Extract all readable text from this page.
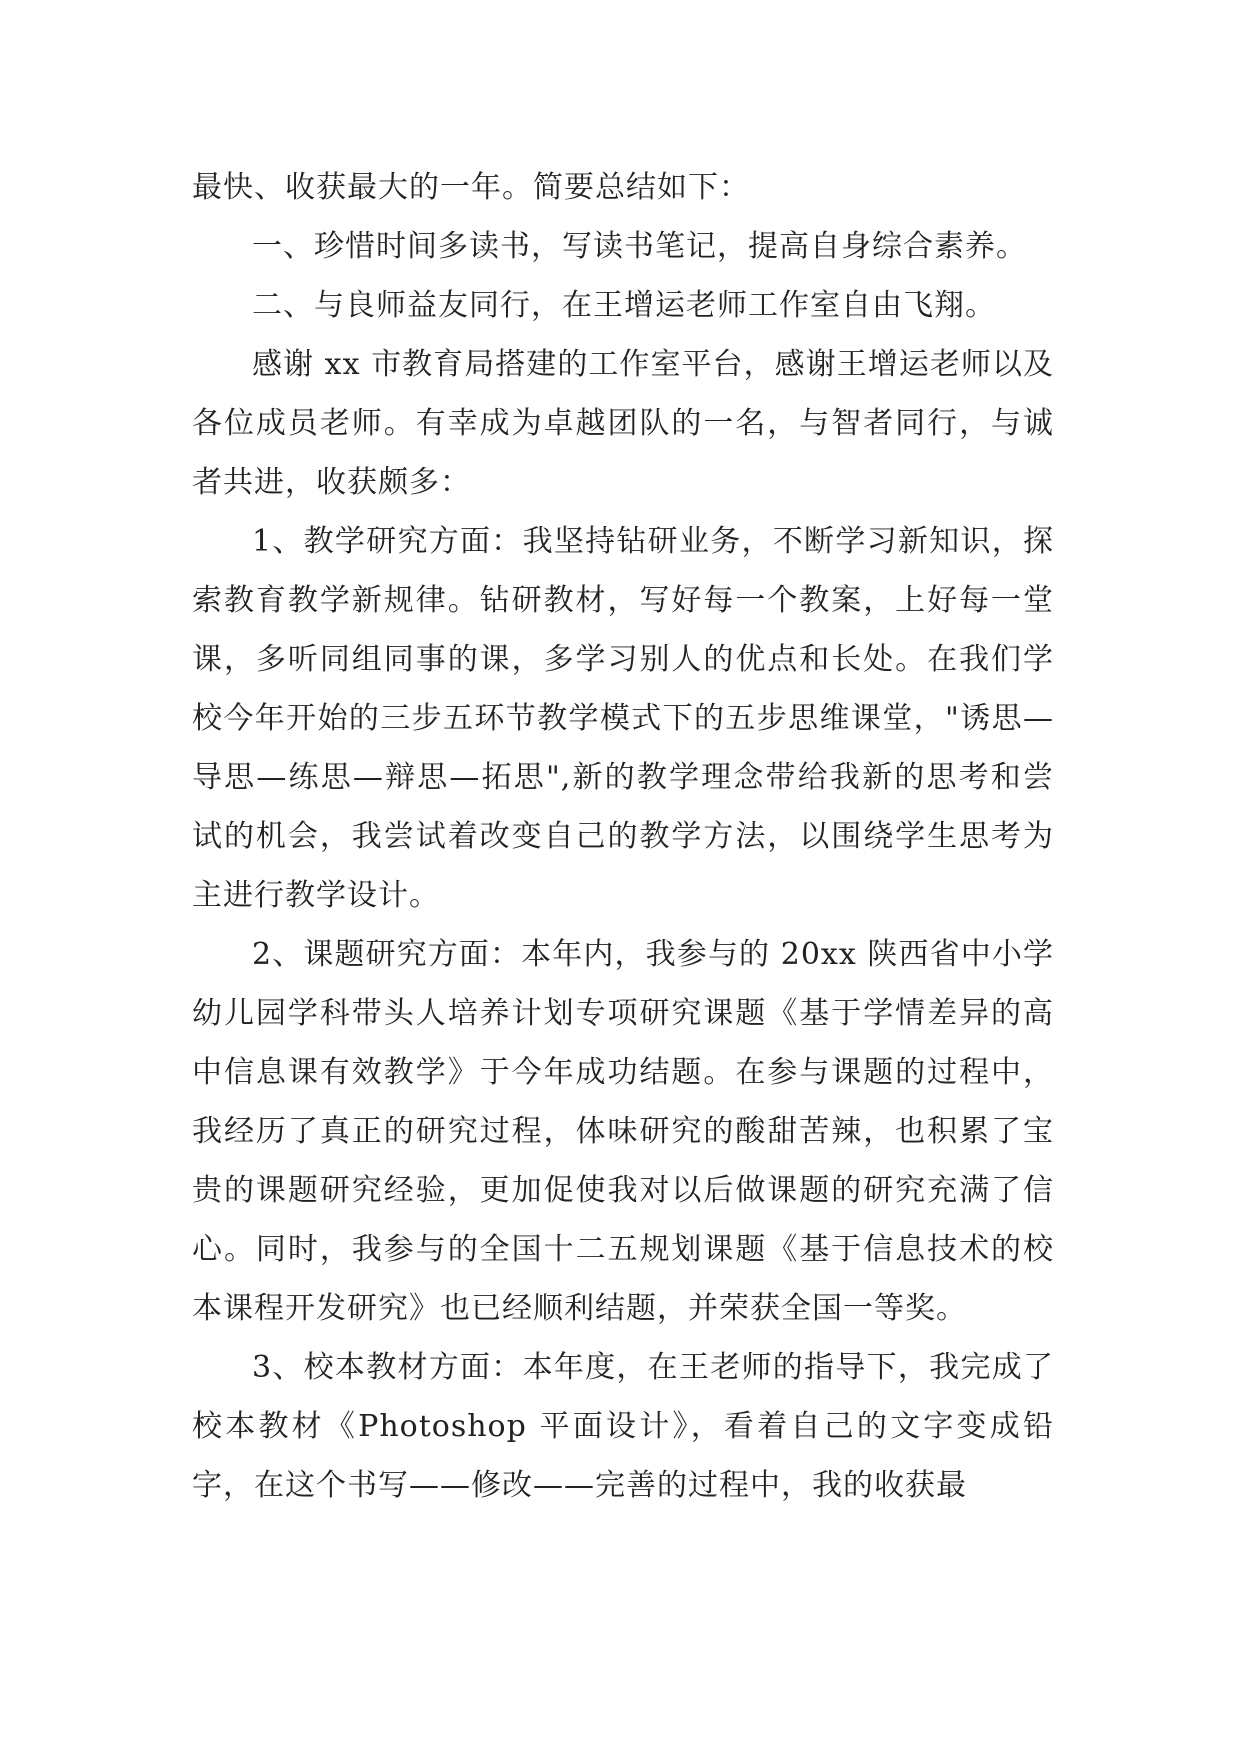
最快、收获最大的一年。简要总结如下：

一、珍惜时间多读书，写读书笔记，提高自身综合素养。

二、与良师益友同行，在王增运老师工作室自由飞翔。

感谢 xx 市教育局搭建的工作室平台，感谢王增运老师以及各位成员老师。有幸成为卓越团队的一名，与智者同行，与诚者共进，收获颇多：

1、教学研究方面：我坚持钻研业务，不断学习新知识，探索教育教学新规律。钻研教材，写好每一个教案，上好每一堂课，多听同组同事的课，多学习别人的优点和长处。在我们学校今年开始的三步五环节教学模式下的五步思维课堂，"诱思—导思—练思—辩思—拓思",新的教学理念带给我新的思考和尝试的机会，我尝试着改变自己的教学方法，以围绕学生思考为主进行教学设计。

2、课题研究方面：本年内，我参与的 20xx 陕西省中小学幼儿园学科带头人培养计划专项研究课题《基于学情差异的高中信息课有效教学》于今年成功结题。在参与课题的过程中，我经历了真正的研究过程，体味研究的酸甜苦辣，也积累了宝贵的课题研究经验，更加促使我对以后做课题的研究充满了信心。同时，我参与的全国十二五规划课题《基于信息技术的校本课程开发研究》也已经顺利结题，并荣获全国一等奖。

3、校本教材方面：本年度，在王老师的指导下，我完成了校本教材《Photoshop 平面设计》，看着自己的文字变成铅字，在这个书写——修改——完善的过程中，我的收获最
